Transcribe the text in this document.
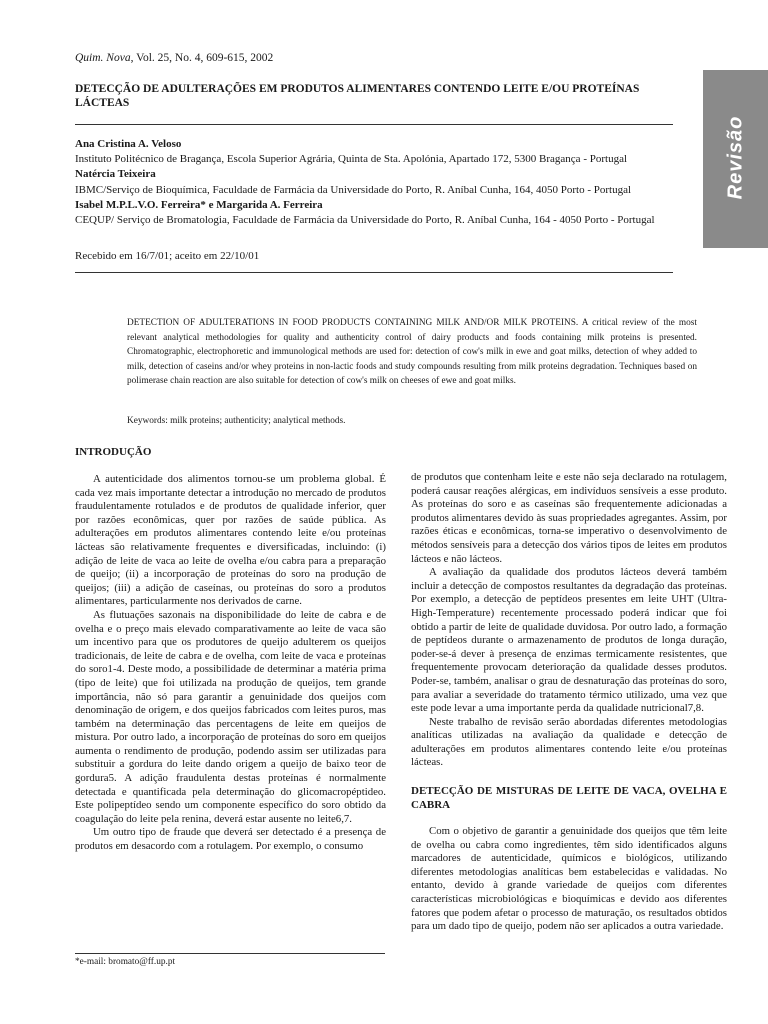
Quim. Nova, Vol. 25, No. 4, 609-615, 2002
DETECÇÃO DE ADULTERAÇÕES EM PRODUTOS ALIMENTARES CONTENDO LEITE E/OU PROTEÍNAS LÁCTEAS
Revisão
Ana Cristina A. Veloso
Instituto Politécnico de Bragança, Escola Superior Agrária, Quinta de Sta. Apolónia, Apartado 172, 5300 Bragança - Portugal
Natércia Teixeira
IBMC/Serviço de Bioquímica, Faculdade de Farmácia da Universidade do Porto, R. Aníbal Cunha, 164, 4050 Porto - Portugal
Isabel M.P.L.V.O. Ferreira* e Margarida A. Ferreira
CEQUP/ Serviço de Bromatologia, Faculdade de Farmácia da Universidade do Porto, R. Aníbal Cunha, 164 - 4050 Porto - Portugal
Recebido em 16/7/01; aceito em 22/10/01
DETECTION OF ADULTERATIONS IN FOOD PRODUCTS CONTAINING MILK AND/OR MILK PROTEINS. A critical review of the most relevant analytical methodologies for quality and authenticity control of dairy products and foods containing milk proteins is presented. Chromatographic, electrophoretic and immunological methods are used for: detection of cow's milk in ewe and goat milks, detection of whey added to milk, detection of caseins and/or whey proteins in non-lactic foods and study compounds resulting from milk proteins degradation. Techniques based on polimerase chain reaction are also suitable for detection of cow's milk on cheeses of ewe and goat milks.
Keywords: milk proteins; authenticity; analytical methods.
INTRODUÇÃO

A autenticidade dos alimentos tornou-se um problema global. É cada vez mais importante detectar a introdução no mercado de produtos fraudulentamente rotulados e de produtos de qualidade inferior, quer por razões econômicas, quer por razões de saúde pública. As adulterações em produtos alimentares contendo leite e/ou proteínas lácteas são relativamente frequentes e diversificadas, incluindo: (i) adição de leite de vaca ao leite de ovelha e/ou cabra para a preparação de queijo; (ii) a incorporação de proteínas do soro na produção de queijos; (iii) a adição de caseínas, ou proteínas do soro a produtos alimentares, particularmente nos derivados de carne.

As flutuações sazonais na disponibilidade do leite de cabra e de ovelha e o preço mais elevado comparativamente ao leite de vaca são um incentivo para que os produtores de queijo adulterem os queijos tradicionais, de leite de cabra e de ovelha, com leite de vaca e proteínas do soro1-4. Deste modo, a possibilidade de determinar a matéria prima (tipo de leite) que foi utilizada na produção de queijos, tem grande importância, não só para garantir a genuinidade dos queijos com denominação de origem, e dos queijos fabricados com leites puros, mas também na determinação das percentagens de leite em queijos de mistura. Por outro lado, a incorporação de proteínas do soro em queijos aumenta o rendimento de produção, podendo assim ser utilizadas para substituir a gordura do leite dando origem a queijo de baixo teor de gordura5. A adição fraudulenta destas proteínas é normalmente detectada e quantificada pela determinação do glicomacropéptideo. Este polipeptídeo sendo um componente específico do soro obtido da coagulação do leite pela renina, deverá estar ausente no leite6,7.

Um outro tipo de fraude que deverá ser detectado é a presença de produtos em desacordo com a rotulagem. Por exemplo, o consumo

de produtos que contenham leite e este não seja declarado na rotulagem, poderá causar reações alérgicas, em indivíduos sensíveis a esse produto. As proteínas do soro e as caseínas são frequentemente adicionadas a produtos alimentares devido às suas propriedades agregantes. Assim, por razões éticas e econômicas, torna-se imperativo o desenvolvimento de métodos sensíveis para a detecção dos vários tipos de leites em produtos lácteos e não lácteos.

A avaliação da qualidade dos produtos lácteos deverá também incluir a detecção de compostos resultantes da degradação das proteínas. Por exemplo, a detecção de peptídeos presentes em leite UHT (Ultra-High-Temperature) recentemente processado poderá indicar que foi obtido a partir de leite de qualidade duvidosa. Por outro lado, a formação de peptídeos durante o armazenamento de produtos de longa duração, poder-se-á dever à presença de enzimas termicamente resistentes, que frequentemente provocam deterioração da qualidade desses produtos. Poder-se, também, analisar o grau de desnaturação das proteínas do soro, para avaliar a severidade do tratamento térmico utilizado, uma vez que este pode levar a uma importante perda da qualidade nutricional7,8.

Neste trabalho de revisão serão abordadas diferentes metodologias analíticas utilizadas na avaliação da qualidade e detecção de adulterações em produtos alimentares contendo leite e/ou proteínas lácteas.

DETECÇÃO DE MISTURAS DE LEITE DE VACA, OVELHA E CABRA

Com o objetivo de garantir a genuinidade dos queijos que têm leite de ovelha ou cabra como ingredientes, têm sido identificados alguns marcadores de autenticidade, químicos e biológicos, utilizando diferentes metodologias analíticas bem estabelecidas e validadas. No entanto, devido à grande variedade de queijos com diferentes características microbiológicas e bioquímicas e devido aos diferentes fatores que podem afetar o processo de maturação, os resultados obtidos para um dado tipo de queijo, podem não ser aplicados a outra variedade.

*e-mail: bromato@ff.up.pt
